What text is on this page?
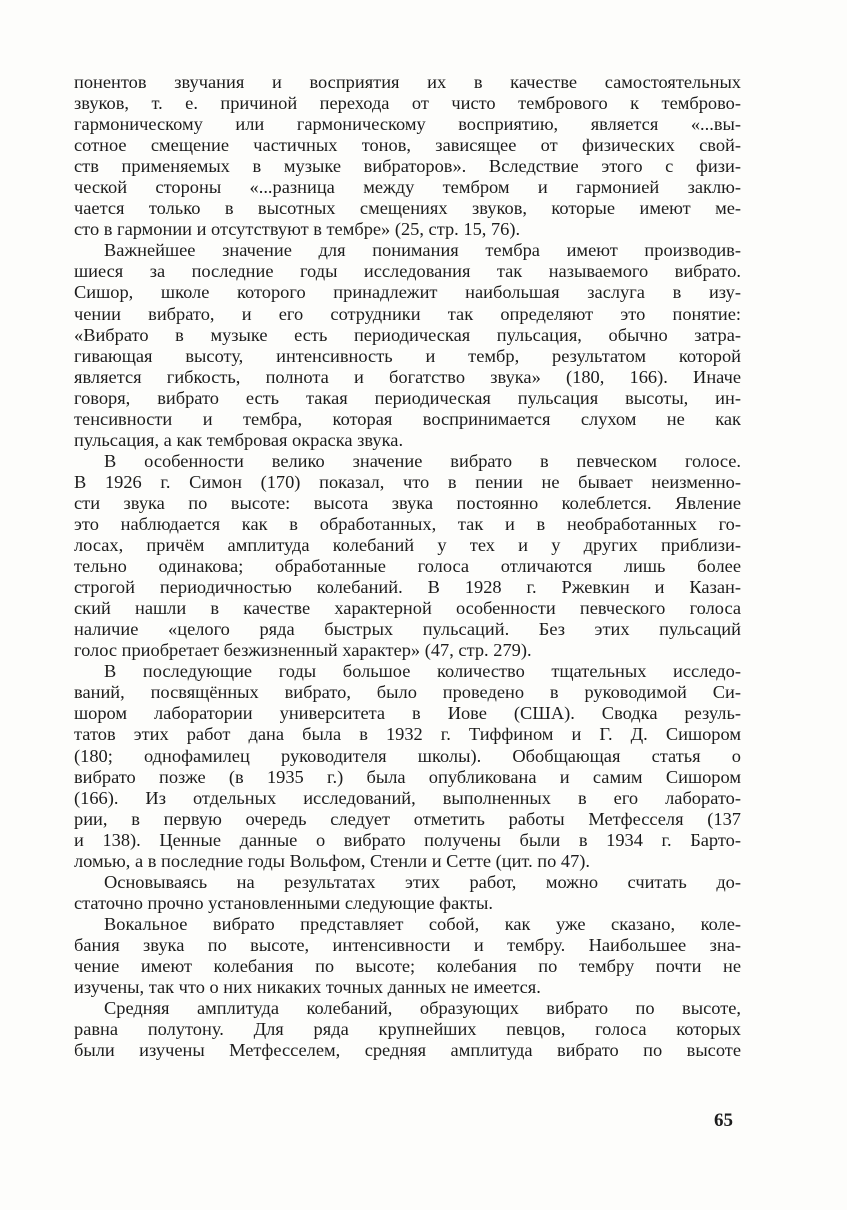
понентов звучания и восприятия их в качестве самостоятельных
звуков, т. е. причиной перехода от чисто тембрового к темброво-
гармоническому или гармоническому восприятию, является «...вы-
сотное смещение частичных тонов, зависящее от физических свой-
ств применяемых в музыке вибраторов». Вследствие этого с физи-
ческой стороны «...разница между тембром и гармонией заклю-
чается только в высотных смещениях звуков, которые имеют ме-
сто в гармонии и отсутствуют в тембре» (25, стр. 15, 76).

Важнейшее значение для понимания тембра имеют производив-
шиеся за последние годы исследования так называемого вибрато.
Сишор, школе которого принадлежит наибольшая заслуга в изу-
чении вибрато, и его сотрудники так определяют это понятие:
«Вибрато в музыке есть периодическая пульсация, обычно затра-
гивающая высоту, интенсивность и тембр, результатом которой
является гибкость, полнота и богатство звука» (180, 166). Иначе
говоря, вибрато есть такая периодическая пульсация высоты, ин-
тенсивности и тембра, которая воспринимается слухом не как
пульсация, а как тембровая окраска звука.

В особенности велико значение вибрато в певческом голосе.
В 1926 г. Симон (170) показал, что в пении не бывает неизменно-
сти звука по высоте: высота звука постоянно колеблется. Явление
это наблюдается как в обработанных, так и в необработанных го-
лосах, причём амплитуда колебаний у тех и у других приблизи-
тельно одинакова; обработанные голоса отличаются лишь более
строгой периодичностью колебаний. В 1928 г. Ржевкин и Казан-
ский нашли в качестве характерной особенности певческого голоса
наличие «целого ряда быстрых пульсаций. Без этих пульсаций
голос приобретает безжизненный характер» (47, стр. 279).

В последующие годы большое количество тщательных исследо-
ваний, посвящённых вибрато, было проведено в руководимой Си-
шором лаборатории университета в Иове (США). Сводка резуль-
татов этих работ дана была в 1932 г. Тиффином и Г. Д. Сишором
(180; однофамилец руководителя школы). Обобщающая статья о
вибрато позже (в 1935 г.) была опубликована и самим Сишором
(166). Из отдельных исследований, выполненных в его лаборато-
рии, в первую очередь следует отметить работы Метфесселя (137
и 138). Ценные данные о вибрато получены были в 1934 г. Барто-
ломью, а в последние годы Вольфом, Стенли и Сетте (цит. по 47).

Основываясь на результатах этих работ, можно считать до-
статочно прочно установленными следующие факты.

Вокальное вибрато представляет собой, как уже сказано, коле-
бания звука по высоте, интенсивности и тембру. Наибольшее зна-
чение имеют колебания по высоте; колебания по тембру почти не
изучены, так что о них никаких точных данных не имеется.

Средняя амплитуда колебаний, образующих вибрато по высоте,
равна полутону. Для ряда крупнейших певцов, голоса которых
были изучены Метфесселем, средняя амплитуда вибрато по высоте

65
